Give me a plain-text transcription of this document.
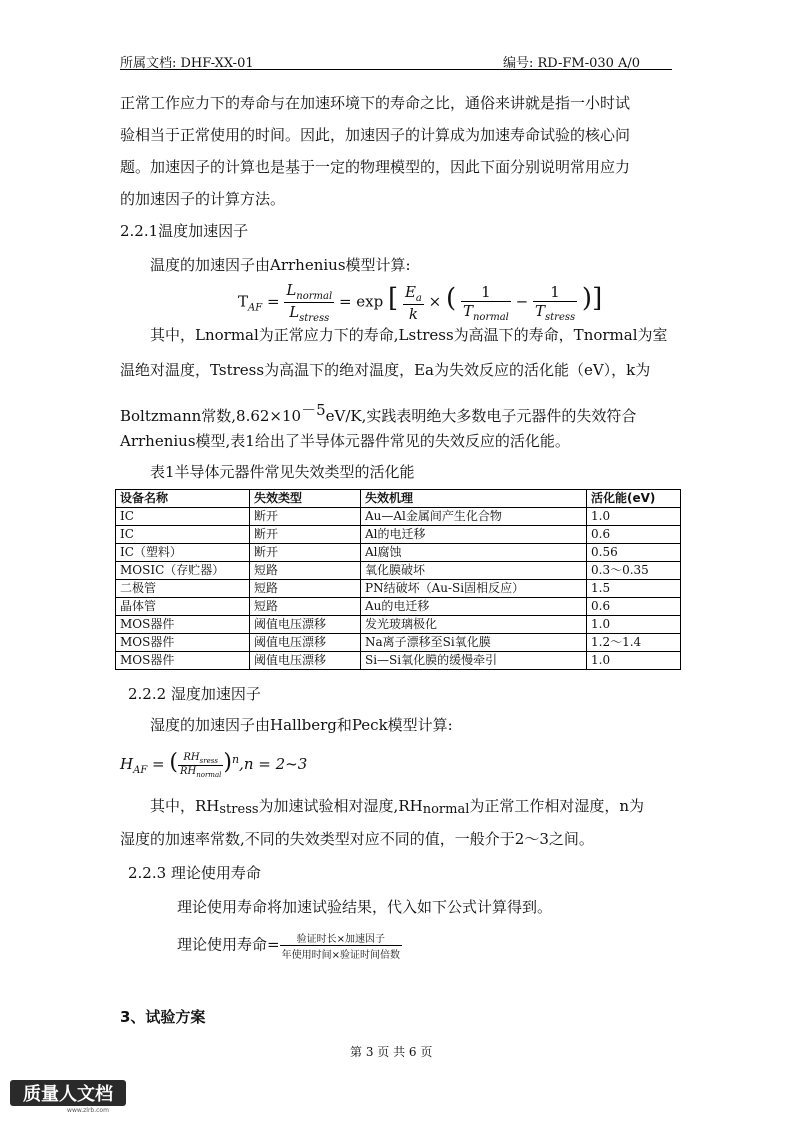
所属文档: DHF-XX-01	编号: RD-FM-030 A/0
正常工作应力下的寿命与在加速环境下的寿命之比，通俗来讲就是指一小时试
验相当于正常使用的时间。因此，加速因子的计算成为加速寿命试验的核心问
题。加速因子的计算也是基于一定的物理模型的，因此下面分别说明常用应力
的加速因子的计算方法。
2.2.1温度加速因子
温度的加速因子由Arrhenius模型计算:
$T_{AF} = \frac{L_{normal}}{L_{stress}} = \exp$ [ $\frac{E_a}{k}$ × ( $\frac{1}{T_{normal}} - \frac{1}{T_{stress}}$ )]
其中，Lnormal为正常应力下的寿命,Lstress为高温下的寿命，Tnormal为室
温绝对温度，Tstress为高温下的绝对温度，Ea为失效反应的活化能（eV），k为
Boltzmann常数$,8.62\times 10^{-5}eV/K$,实践表明绝大多数电子元器件的失效符合
Arrhenius模型,表1给出了半导体元器件常见的失效反应的活化能。
表1半导体元器件常见失效类型的活化能
设备名称	失效类型	失效机理	活化能(eV)
IC	断开	Au—Al金属间产生化合物	1.0
IC	断开	Al的电迁移	0.6
IC（塑料）	断开	Al腐蚀	0.56
MOSIC（存贮器）	短路	氧化膜破坏	0.3～0.35
二极管	短路	PN结破坏（Au-Si固相反应）	1.5
晶体管	短路	Au的电迁移	0.6
MOS器件	阈值电压漂移	发光玻璃极化	1.0
MOS器件	阈值电压漂移	Na离子漂移至Si氧化膜	1.2～1.4
MOS器件	阈值电压漂移	Si—Si氧化膜的缓慢牵引	1.0
2.2.2 湿度加速因子
湿度的加速因子由Hallberg和Peck模型计算:
$H_{AF}$ = ( $\frac{RH_{sress}}{RH_{normal}} )^n,n$ = 2~3
其中，$RH_{stress}$为加速试验相对湿度$,RH_{normal}$为正常工作相对湿度，n为
湿度的加速率常数,不同的失效类型对应不同的值，一般介于2～3之间。
2.2.3 理论使用寿命
理论使用寿命将加速试验结果，代入如下公式计算得到。
理论使用寿命= $\frac{\text{验证时长×加速因子}}{\text{年使用时间×验证时间倍数}}$
3、试验方案
第 3 页 共 6 页
质量人文档
www.zlrb.com
